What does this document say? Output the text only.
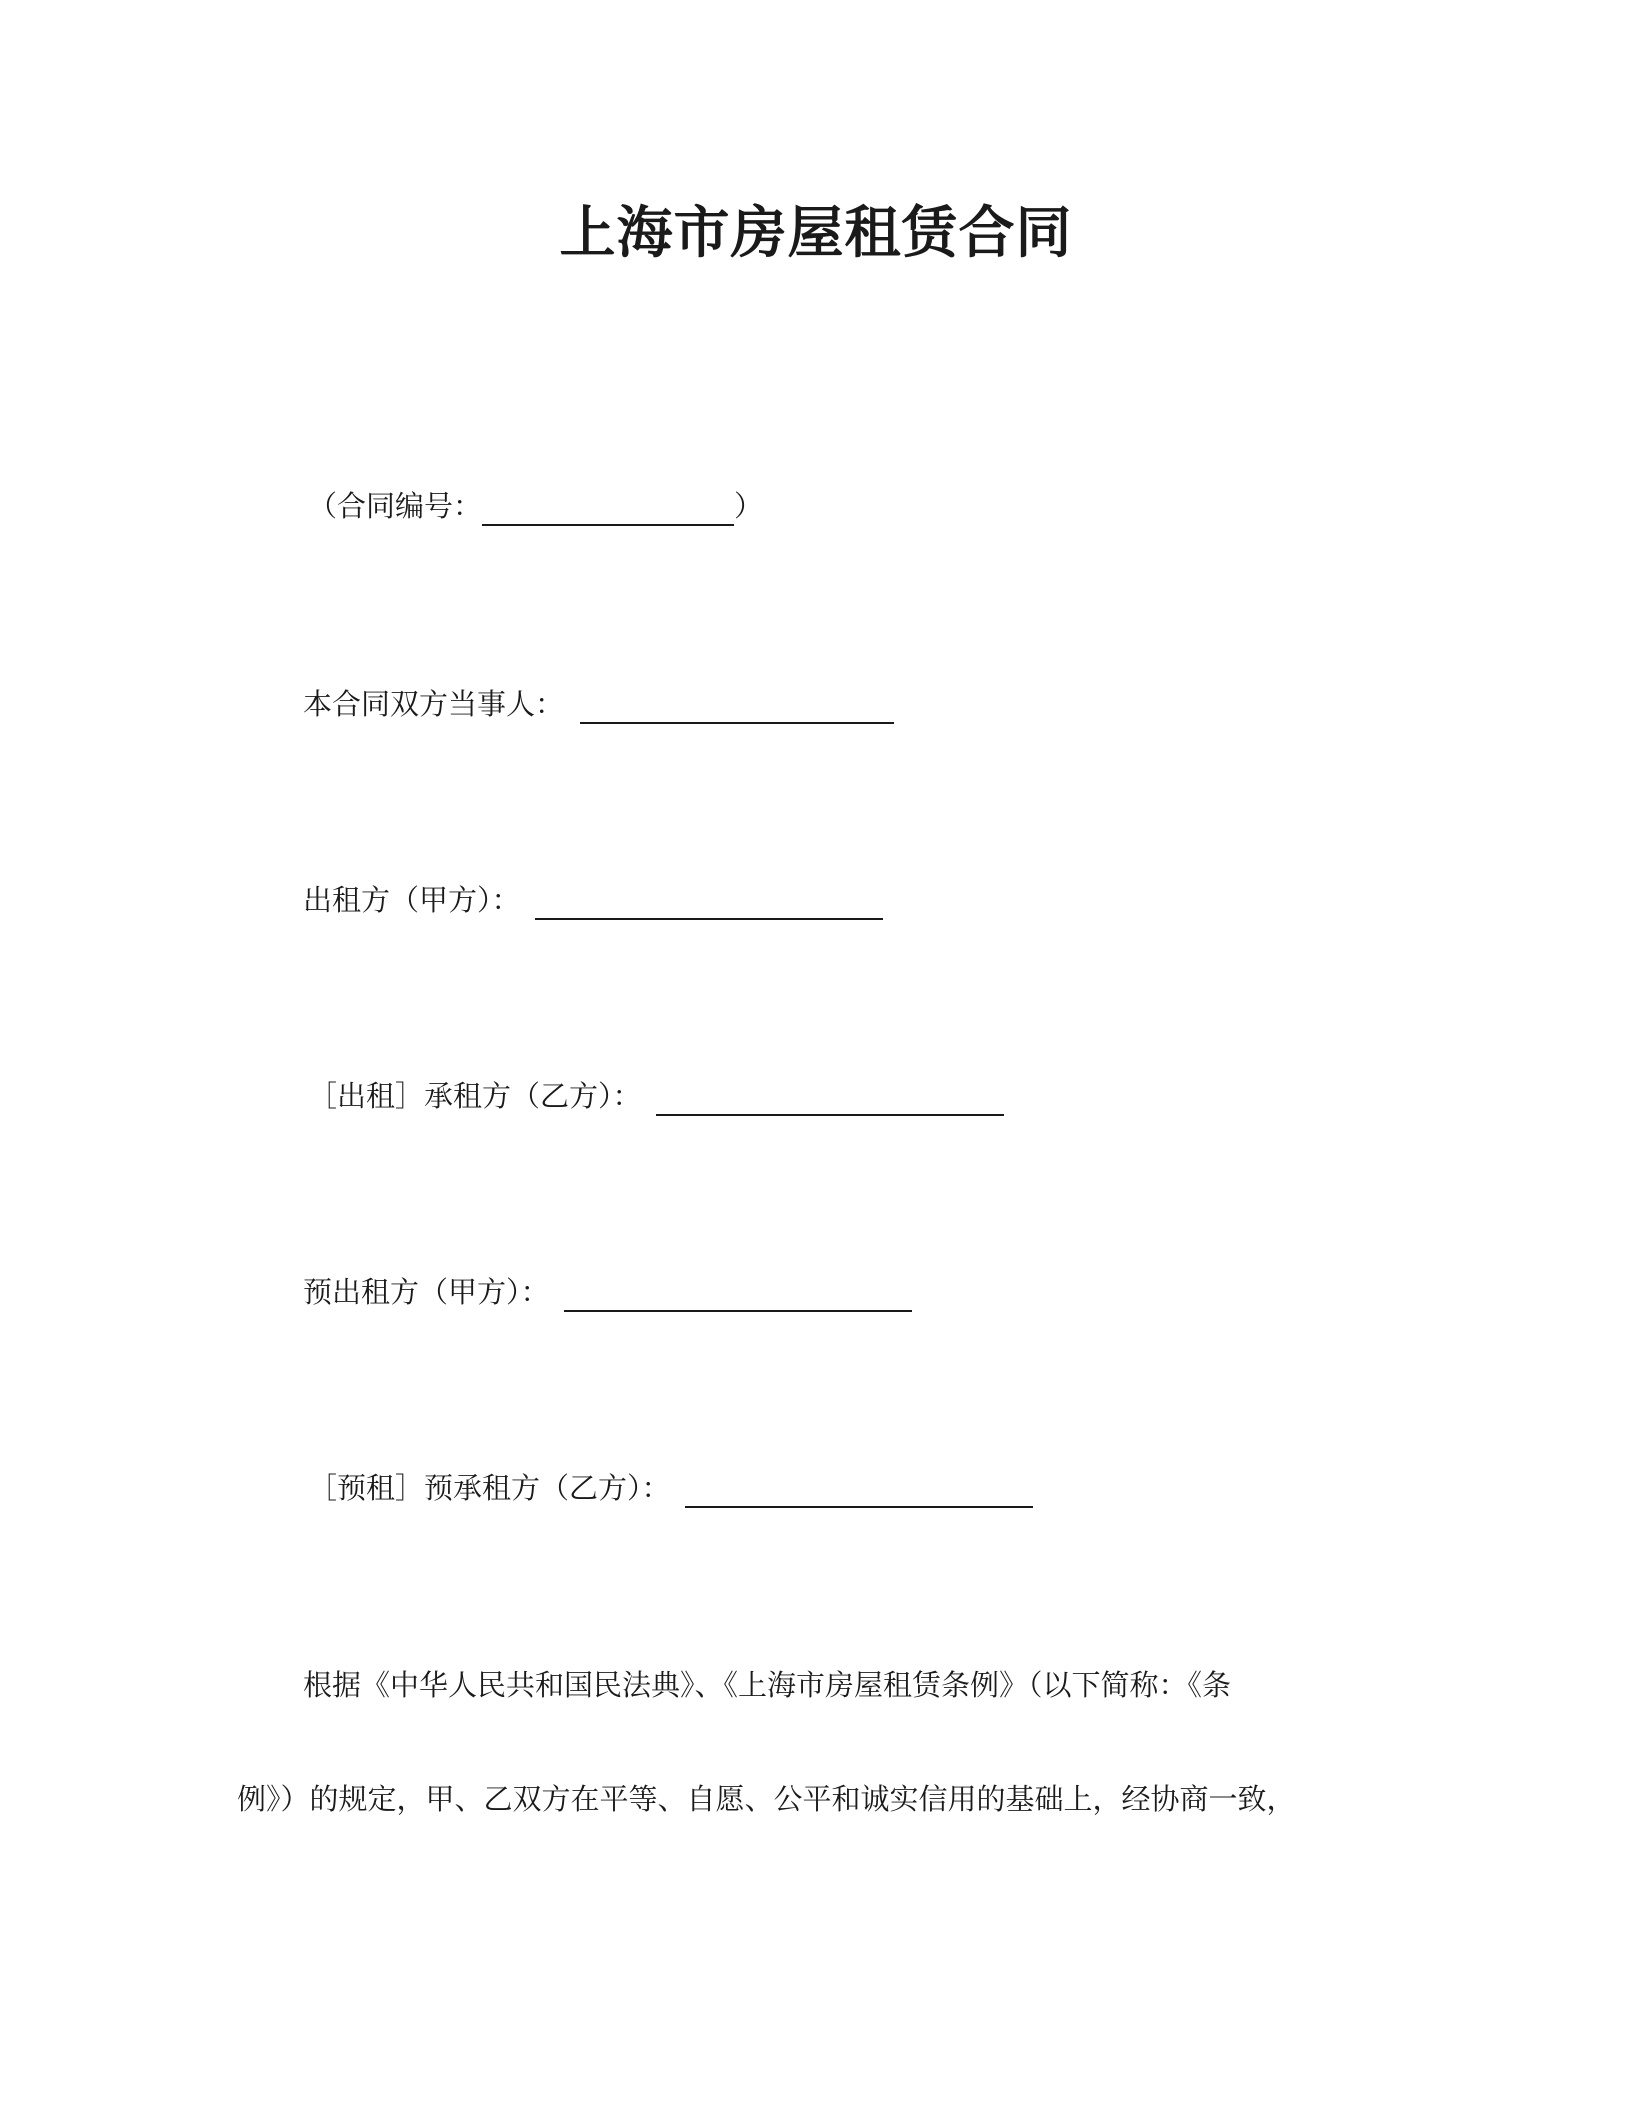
上海市房屋租赁合同
（合同编号：	）
本合同双方当事人：
出租方（甲方）：
［出租］承租方（乙方）：
预出租方（甲方）：
［预租］预承租方（乙方）：
根据《中华人民共和国民法典》、《上海市房屋租赁条例》（以下简称：《条
例》）的规定，甲、乙双方在平等、自愿、公平和诚实信用的基础上，经协商一致，
